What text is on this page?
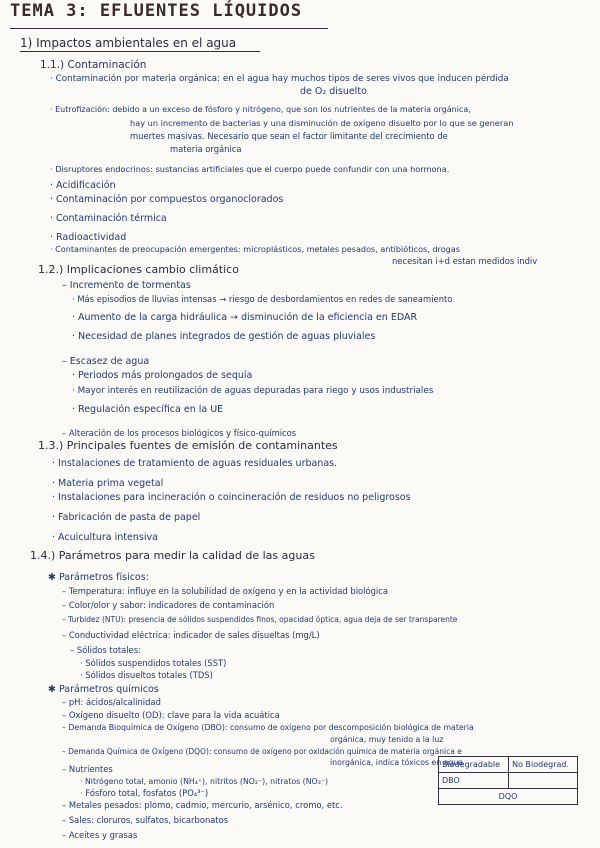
TEMA 3: EFLUENTES LÍQUIDOS
1) Impactos ambientales en el agua
1.1.) Contaminación
· Contaminación por materia orgánica: en el agua hay muchos tipos de seres vivos que inducen pérdida
de O₂ disuelto
· Eutrofización: debido a un exceso de fósforo y nitrógeno, que son los nutrientes de la materia orgánica,
hay un incremento de bacterias y una disminución de oxígeno disuelto por lo que se generan
muertes masivas. Necesario que sean el factor limitante del crecimiento de
materia orgánica
· Disruptores endocrinos: sustancias artificiales que el cuerpo puede confundir con una hormona.
· Acidificación
· Contaminación por compuestos organoclorados
· Contaminación térmica
· Radioactividad
· Contaminantes de preocupación emergentes: microplásticos, metales pesados, antibióticos, drogas
necesitan i+d estan medidos indiv
1.2.) Implicaciones cambio climático
– Incremento de tormentas
· Más episodios de lluvias intensas → riesgo de desbordamientos en redes de saneamiento
· Aumento de la carga hidráulica → disminución de la eficiencia en EDAR
· Necesidad de planes integrados de gestión de aguas pluviales
– Escasez de agua
· Periodos más prolongados de sequía
· Mayor interés en reutilización de aguas depuradas para riego y usos industriales
· Regulación específica en la UE
– Alteración de los procesos biológicos y físico-químicos
1.3.) Principales fuentes de emisión de contaminantes
· Instalaciones de tratamiento de aguas residuales urbanas.
· Materia prima vegetal
· Instalaciones para incineración o coincineración de residuos no peligrosos
· Fabricación de pasta de papel
· Acuicultura intensiva
1.4.) Parámetros para medir la calidad de las aguas
✱ Parámetros físicos:
– Temperatura: influye en la solubilidad de oxígeno y en la actividad biológica
– Color/olor y sabor: indicadores de contaminación
– Turbidez (NTU): presencia de sólidos suspendidos finos, opacidad óptica, agua deja de ser transparente
– Conductividad eléctrica: indicador de sales disueltas (mg/L)
– Sólidos totales:
· Sólidos suspendidos totales (SST)
· Sólidos disueltos totales (TDS)
✱ Parámetros químicos
– pH: ácidos/alcalinidad
– Oxígeno disuelto (OD): clave para la vida acuática
– Demanda Bioquímica de Oxígeno (DBO): consumo de oxígeno por descomposición biológica de materia
orgánica, muy tenido a la luz
– Demanda Química de Oxígeno (DQO): consumo de oxígeno por oxidación química de materia orgánica e
inorgánica, indica tóxicos en agua
– Nutrientes
· Nitrógeno total, amonio (NH₄⁺), nitritos (NO₂⁻), nitratos (NO₃⁻)
· Fósforo total, fosfatos (PO₄³⁻)
– Metales pesados: plomo, cadmio, mercurio, arsénico, cromo, etc.
– Sales: cloruros, sulfatos, bicarbonatos
– Aceites y grasas
Biodegradable	No Biodegrad.
DBO	
DQO	
